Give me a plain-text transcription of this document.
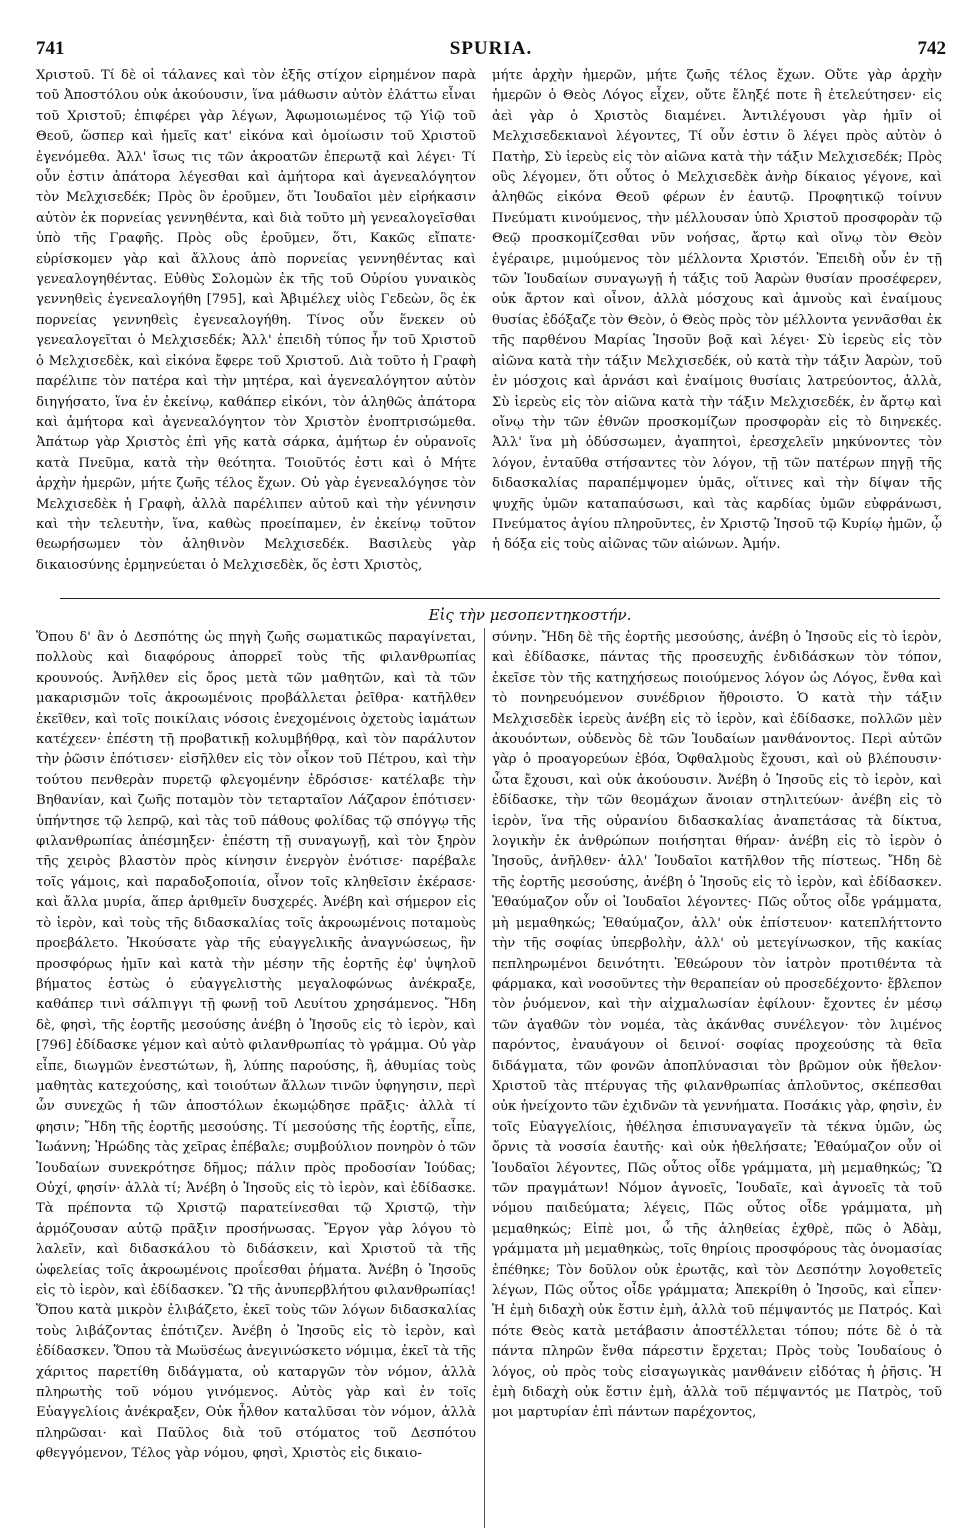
741	SPURIA.	742

Χριστοῦ. Τί δὲ οἱ τάλανες καὶ τὸν ἑξῆς στίχον εἰρημένον παρὰ τοῦ Ἀποστόλου οὐκ ἀκούουσιν, ἵνα μάθωσιν αὐτὸν ἐλάττω εἶναι τοῦ Χριστοῦ; ἐπιφέρει γὰρ λέγων, Ἀφωμοιωμένος τῷ Υἱῷ τοῦ Θεοῦ, ὥσπερ καὶ ἡμεῖς κατ' εἰκόνα καὶ ὁμοίωσιν τοῦ Χριστοῦ ἐγενόμεθα. Ἀλλ' ἴσως τις τῶν ἀκροατῶν ἐπερωτᾷ καὶ λέγει· Τί οὖν ἐστιν ἀπάτορα λέγεσθαι καὶ ἀμήτορα καὶ ἀγενεαλόγητον τὸν Μελχισεδέκ; Πρὸς ὃν ἐροῦμεν, ὅτι Ἰουδαῖοι μὲν εἰρήκασιν αὐτὸν ἐκ πορνείας γεννηθέντα, καὶ διὰ τοῦτο μὴ γενεαλογεῖσθαι ὑπὸ τῆς Γραφῆς. Πρὸς οὓς ἐροῦμεν, ὅτι, Κακῶς εἴπατε· εὑρίσκομεν γὰρ καὶ ἄλλους ἀπὸ πορνείας γεννηθέντας καὶ γενεαλογηθέντας. Εὐθὺς Σολομὼν ἐκ τῆς τοῦ Οὐρίου γυναικὸς γεννηθεὶς ἐγενεαλογήθη [795], καὶ Ἀβιμέλεχ υἱὸς Γεδεὼν, ὃς ἐκ πορνείας γεννηθεὶς ἐγενεαλογήθη. Τίνος οὖν ἕνεκεν οὐ γενεαλογεῖται ὁ Μελχισεδέκ; Ἀλλ' ἐπειδὴ τύπος ἦν τοῦ Χριστοῦ ὁ Μελχισεδὲκ, καὶ εἰκόνα ἔφερε τοῦ Χριστοῦ. Διὰ τοῦτο ἡ Γραφὴ παρέλιπε τὸν πατέρα καὶ τὴν μητέρα, καὶ ἀγενεαλόγητον αὐτὸν διηγήσατο, ἵνα ἐν ἐκείνῳ, καθάπερ εἰκόνι, τὸν ἀληθῶς ἀπάτορα καὶ ἀμήτορα καὶ ἀγενεαλόγητον τὸν Χριστὸν ἐνοπτρισώμεθα. Ἀπάτωρ γὰρ Χριστὸς ἐπὶ γῆς κατὰ σάρκα, ἀμήτωρ ἐν οὐρανοῖς κατὰ Πνεῦμα, κατὰ τὴν θεότητα. Τοιοῦτός ἐστι καὶ ὁ Μήτε ἀρχὴν ἡμερῶν, μήτε ζωῆς τέλος ἔχων. Οὐ γὰρ ἐγενεαλόγησε τὸν Μελχισεδὲκ ἡ Γραφὴ, ἀλλὰ παρέλιπεν αὐτοῦ καὶ τὴν γέννησιν καὶ τὴν τελευτὴν, ἵνα, καθὼς προείπαμεν, ἐν ἐκείνῳ τοῦτον θεωρήσωμεν τὸν ἀληθινὸν Μελχισεδέκ. Βασιλεὺς γὰρ δικαιοσύνης ἑρμηνεύεται ὁ Μελχισεδὲκ, ὅς ἐστι Χριστὸς,

μήτε ἀρχὴν ἡμερῶν, μήτε ζωῆς τέλος ἔχων. Οὔτε γὰρ ἀρχὴν ἡμερῶν ὁ Θεὸς Λόγος εἶχεν, οὔτε ἔληξέ ποτε ἢ ἐτελεύτησεν· εἰς ἀεὶ γὰρ ὁ Χριστὸς διαμένει. Ἀντιλέγουσι γὰρ ἡμῖν οἱ Μελχισεδεκιανοὶ λέγοντες, Τί οὖν ἐστιν ὃ λέγει πρὸς αὐτὸν ὁ Πατὴρ, Σὺ ἱερεὺς εἰς τὸν αἰῶνα κατὰ τὴν τάξιν Μελχισεδέκ; Πρὸς οὓς λέγομεν, ὅτι οὗτος ὁ Μελχισεδὲκ ἀνὴρ δίκαιος γέγονε, καὶ ἀληθῶς εἰκόνα Θεοῦ φέρων ἐν ἑαυτῷ. Προφητικῷ τοίνυν Πνεύματι κινούμενος, τὴν μέλλουσαν ὑπὸ Χριστοῦ προσφορὰν τῷ Θεῷ προσκομίζεσθαι νῦν νοήσας, ἄρτῳ καὶ οἴνῳ τὸν Θεὸν ἐγέραιρε, μιμούμενος τὸν μέλλοντα Χριστόν. Ἐπειδὴ οὖν ἐν τῇ τῶν Ἰουδαίων συναγωγῇ ἡ τάξις τοῦ Ἀαρὼν θυσίαν προσέφερεν, οὐκ ἄρτον καὶ οἶνον, ἀλλὰ μόσχους καὶ ἀμνοὺς καὶ ἐναίμους θυσίας ἐδόξαζε τὸν Θεὸν, ὁ Θεὸς πρὸς τὸν μέλλοντα γεννᾶσθαι ἐκ τῆς παρθένου Μαρίας Ἰησοῦν βοᾷ καὶ λέγει· Σὺ ἱερεὺς εἰς τὸν αἰῶνα κατὰ τὴν τάξιν Μελχισεδέκ, οὐ κατὰ τὴν τάξιν Ἀαρὼν, τοῦ ἐν μόσχοις καὶ ἀρνάσι καὶ ἐναίμοις θυσίαις λατρεύοντος, ἀλλὰ, Σὺ ἱερεὺς εἰς τὸν αἰῶνα κατὰ τὴν τάξιν Μελχισεδέκ, ἐν ἄρτῳ καὶ οἴνῳ τὴν τῶν ἐθνῶν προσκομίζων προσφορὰν εἰς τὸ διηνεκές. Ἀλλ' ἵνα μὴ ὀδύσσωμεν, ἀγαπητοὶ, ἐρεσχελεῖν μηκύνοντες τὸν λόγον, ἐνταῦθα στήσαντες τὸν λόγον, τῇ τῶν πατέρων πηγῇ τῆς διδασκαλίας παραπέμψομεν ὑμᾶς, οἵτινες καὶ τὴν δίψαν τῆς ψυχῆς ὑμῶν καταπαύσωσι, καὶ τὰς καρδίας ὑμῶν εὐφράνωσι, Πνεύματος ἁγίου πληροῦντες, ἐν Χριστῷ Ἰησοῦ τῷ Κυρίῳ ἡμῶν, ᾧ ἡ δόξα εἰς τοὺς αἰῶνας τῶν αἰώνων. Ἀμήν.

Εἰς τὴν μεσοπεντηκοστήν.

Ὅπου δ' ἂν ὁ Δεσπότης ὡς πηγὴ ζωῆς σωματικῶς παραγίνεται, πολλοὺς καὶ διαφόρους ἀπορρεῖ τοὺς τῆς φιλανθρωπίας κρουνούς. Ἀνῆλθεν εἰς ὄρος μετὰ τῶν μαθητῶν, καὶ τὰ τῶν μακαρισμῶν τοῖς ἀκροωμένοις προβάλλεται ῥεῖθρα· κατῆλθεν ἐκεῖθεν, καὶ τοῖς ποικίλαις νόσοις ἐνεχομένοις ὀχετοὺς ἰαμάτων κατέχεεν· ἐπέστη τῇ προβατικῇ κολυμβήθρᾳ, καὶ τὸν παράλυτον τὴν ῥῶσιν ἐπότισεν· εἰσῆλθεν εἰς τὸν οἶκον τοῦ Πέτρου, καὶ τὴν τούτου πενθερὰν πυρετῷ φλεγομένην ἐδρόσισε· κατέλαβε τὴν Βηθανίαν, καὶ ζωῆς ποταμὸν τὸν τεταρταῖον Λάζαρον ἐπότισεν· ὑπήντησε τῷ λεπρῷ, καὶ τὰς τοῦ πάθους φολίδας τῷ σπόγγῳ τῆς φιλανθρωπίας ἀπέσμηξεν· ἐπέστη τῇ συναγωγῇ, καὶ τὸν ξηρὸν τῆς χειρὸς βλαστὸν πρὸς κίνησιν ἐνεργὸν ἐνότισε· παρέβαλε τοῖς γάμοις, καὶ παραδοξοποιία, οἶνον τοῖς κληθεῖσιν ἐκέρασε· καὶ ἄλλα μυρία, ἅπερ ἀριθμεῖν δυσχερές. Ἀνέβη καὶ σήμερον εἰς τὸ ἱερὸν, καὶ τοὺς τῆς διδασκαλίας τοῖς ἀκροωμένοις ποταμοὺς προεβάλετο. Ἠκούσατε γὰρ τῆς εὐαγγελικῆς ἀναγνώσεως, ἣν προσφόρως ἡμῖν καὶ κατὰ τὴν μέσην τῆς ἑορτῆς ἐφ' ὑψηλοῦ βήματος ἑστὼς ὁ εὐαγγελιστὴς μεγαλοφώνως ἀνέκραξε, καθάπερ τινὶ σάλπιγγι τῇ φωνῇ τοῦ Λευίτου χρησάμενος. Ἤδη δὲ, φησὶ, τῆς ἑορτῆς μεσούσης ἀνέβη ὁ Ἰησοῦς εἰς τὸ ἱερὸν, καὶ [796] ἐδίδασκε γέμον καὶ αὐτὸ φιλανθρωπίας τὸ γράμμα. Οὐ γὰρ εἶπε, διωγμῶν ἐνεστώτων, ἢ, λύπης παρούσης, ἢ, ἀθυμίας τοὺς μαθητὰς κατεχούσης, καὶ τοιούτων ἄλλων τινῶν ὑφηγησιν, περὶ ὧν συνεχῶς ἡ τῶν ἀποστόλων ἐκωμῴδησε πρᾶξις· ἀλλὰ τί φησιν; Ἤδη τῆς ἑορτῆς μεσούσης. Τί μεσούσης τῆς ἑορτῆς, εἶπε, Ἰωάννη; Ἠρώδης τὰς χεῖρας ἐπέβαλε; συμβούλιον πονηρὸν ὁ τῶν Ἰουδαίων συνεκρότησε δῆμος; πάλιν πρὸς προδοσίαν Ἰούδας; Οὐχί, φησίν· ἀλλὰ τί; Ἀνέβη ὁ Ἰησοῦς εἰς τὸ ἱερὸν, καὶ ἐδίδασκε. Τὰ πρέποντα τῷ Χριστῷ παρατείνεσθαι τῷ Χριστῷ, τὴν ἁρμόζουσαν αὐτῷ πρᾶξιν προσήνωσας. Ἔργον γὰρ λόγου τὸ λαλεῖν, καὶ διδασκάλου τὸ διδάσκειν, καὶ Χριστοῦ τὰ τῆς ὠφελείας τοῖς ἀκροωμένοις προΐεσθαι ῥήματα. Ἀνέβη ὁ Ἰησοῦς εἰς τὸ ἱερὸν, καὶ ἐδίδασκεν. Ὢ τῆς ἀνυπερβλήτου φιλανθρωπίας! Ὅπου κατὰ μικρὸν ἐλιβάζετο, ἐκεῖ τοὺς τῶν λόγων διδασκαλίας τοὺς λιβάζοντας ἐπότιζεν. Ἀνέβη ὁ Ἰησοῦς εἰς τὸ ἱερὸν, καὶ ἐδίδασκεν. Ὅπου τὰ Μωϋσέως ἀνεγινώσκετο νόμιμα, ἐκεῖ τὰ τῆς χάριτος παρετίθη διδάγματα, οὐ καταργῶν τὸν νόμον, ἀλλὰ πληρωτὴς τοῦ νόμου γινόμενος. Αὐτὸς γὰρ καὶ ἐν τοῖς Εὐαγγελίοις ἀνέκραξεν, Οὐκ ἦλθον καταλῦσαι τὸν νόμον, ἀλλὰ πληρῶσαι· καὶ Παῦλος διὰ τοῦ στόματος τοῦ Δεσπότου φθεγγόμενον, Τέλος γὰρ νόμου, φησὶ, Χριστὸς εἰς δικαιο-

σύνην. Ἤδη δὲ τῆς ἑορτῆς μεσούσης, ἀνέβη ὁ Ἰησοῦς εἰς τὸ ἱερὸν, καὶ ἐδίδασκε, πάντας τῆς προσευχῆς ἐνδιδάσκων τὸν τόπον, ἐκεῖσε τὸν τῆς κατηχήσεως ποιούμενος λόγον ὡς Λόγος, ἔνθα καὶ τὸ πονηρευόμενον συνέδριον ἤθροιστο. Ὁ κατὰ τὴν τάξιν Μελχισεδὲκ ἱερεὺς ἀνέβη εἰς τὸ ἱερὸν, καὶ ἐδίδασκε, πολλῶν μὲν ἀκουόντων, οὐδενὸς δὲ τῶν Ἰουδαίων μανθάνοντος. Περὶ αὐτῶν γὰρ ὁ προαγορεύων ἐβόα, Ὀφθαλμοὺς ἔχουσι, καὶ οὐ βλέπουσιν· ὦτα ἔχουσι, καὶ οὐκ ἀκούουσιν. Ἀνέβη ὁ Ἰησοῦς εἰς τὸ ἱερὸν, καὶ ἐδίδασκε, τὴν τῶν θεομάχων ἄνοιαν στηλιτεύων· ἀνέβη εἰς τὸ ἱερὸν, ἵνα τῆς οὐρανίου διδασκαλίας ἀναπετάσας τὰ δίκτυα, λογικὴν ἐκ ἀνθρώπων ποιήσηται θήραν· ἀνέβη εἰς τὸ ἱερὸν ὁ Ἰησοῦς, ἀνῆλθεν· ἀλλ' Ἰουδαῖοι κατῆλθον τῆς πίστεως. Ἤδη δὲ τῆς ἑορτῆς μεσούσης, ἀνέβη ὁ Ἰησοῦς εἰς τὸ ἱερὸν, καὶ ἐδίδασκεν. Ἐθαύμαζον οὖν οἱ Ἰουδαῖοι λέγοντες· Πῶς οὗτος οἶδε γράμματα, μὴ μεμαθηκώς; Ἐθαύμαζον, ἀλλ' οὐκ ἐπίστευον· κατεπλήττοντο τὴν τῆς σοφίας ὑπερβολὴν, ἀλλ' οὐ μετεγίνωσκον, τῆς κακίας πεπληρωμένοι δεινότητι. Ἐθεώρουν τὸν ἰατρὸν προτιθέντα τὰ φάρμακα, καὶ νοσοῦντες τὴν θεραπείαν οὐ προσεδέχοντο· ἔβλεπον τὸν ῥυόμενον, καὶ τὴν αἰχμαλωσίαν ἐφίλουν· ἔχοντες ἐν μέσῳ τῶν ἀγαθῶν τὸν νομέα, τὰς ἀκάνθας συνέλεγον· τὸν λιμένος παρόντος, ἐναυάγουν οἱ δεινοί· σοφίας προχεούσης τὰ θεῖα διδάγματα, τῶν φονῶν ἀποπλύνασιαι τὸν βρῶμον οὐκ ἤθελον· Χριστοῦ τὰς πτέρυγας τῆς φιλανθρωπίας ἁπλοῦντος, σκέπεσθαι οὐκ ἠνείχοντο τῶν ἐχιδνῶν τὰ γεννήματα. Ποσάκις γὰρ, φησὶν, ἐν τοῖς Εὐαγγελίοις, ἠθέλησα ἐπισυναγαγεῖν τὰ τέκνα ὑμῶν, ὡς ὄρνις τὰ νοσσία ἑαυτῆς· καὶ οὐκ ἠθελήσατε; Ἐθαύμαζον οὖν οἱ Ἰουδαῖοι λέγοντες, Πῶς οὗτος οἶδε γράμματα, μὴ μεμαθηκώς; Ὢ τῶν πραγμάτων! Νόμον ἀγνοεῖς, Ἰουδαῖε, καὶ ἀγνοεῖς τὰ τοῦ νόμου παιδεύματα; λέγεις, Πῶς οὗτος οἶδε γράμματα, μὴ μεμαθηκώς; Εἰπὲ μοι, ὦ τῆς ἀληθείας ἐχθρὲ, πῶς ὁ Ἀδὰμ, γράμματα μὴ μεμαθηκὼς, τοῖς θηρίοις προσφόρους τὰς ὀνομασίας ἐπέθηκε; Τὸν δοῦλον οὐκ ἐρωτᾷς, καὶ τὸν Δεσπότην λογοθετεῖς λέγων, Πῶς οὗτος οἶδε γράμματα; Ἀπεκρίθη ὁ Ἰησοῦς, καὶ εἶπεν· Ἡ ἐμὴ διδαχὴ οὐκ ἔστιν ἐμὴ, ἀλλὰ τοῦ πέμψαντός με Πατρός. Καὶ πότε Θεὸς κατὰ μετάβασιν ἀποστέλλεται τόπου; πότε δὲ ὁ τὰ πάντα πληρῶν ἔνθα πάρεστιν ἔρχεται; Πρὸς τοὺς Ἰουδαίους ὁ λόγος, οὐ πρὸς τοὺς εἰσαγωγικὰς μανθάνειν εἰδότας ἡ ῥῆσις. Ἡ ἐμὴ διδαχὴ οὐκ ἔστιν ἐμὴ, ἀλλὰ τοῦ πέμψαντός με Πατρὸς, τοῦ μοι μαρτυρίαν ἐπὶ πάντων παρέχοντος,
